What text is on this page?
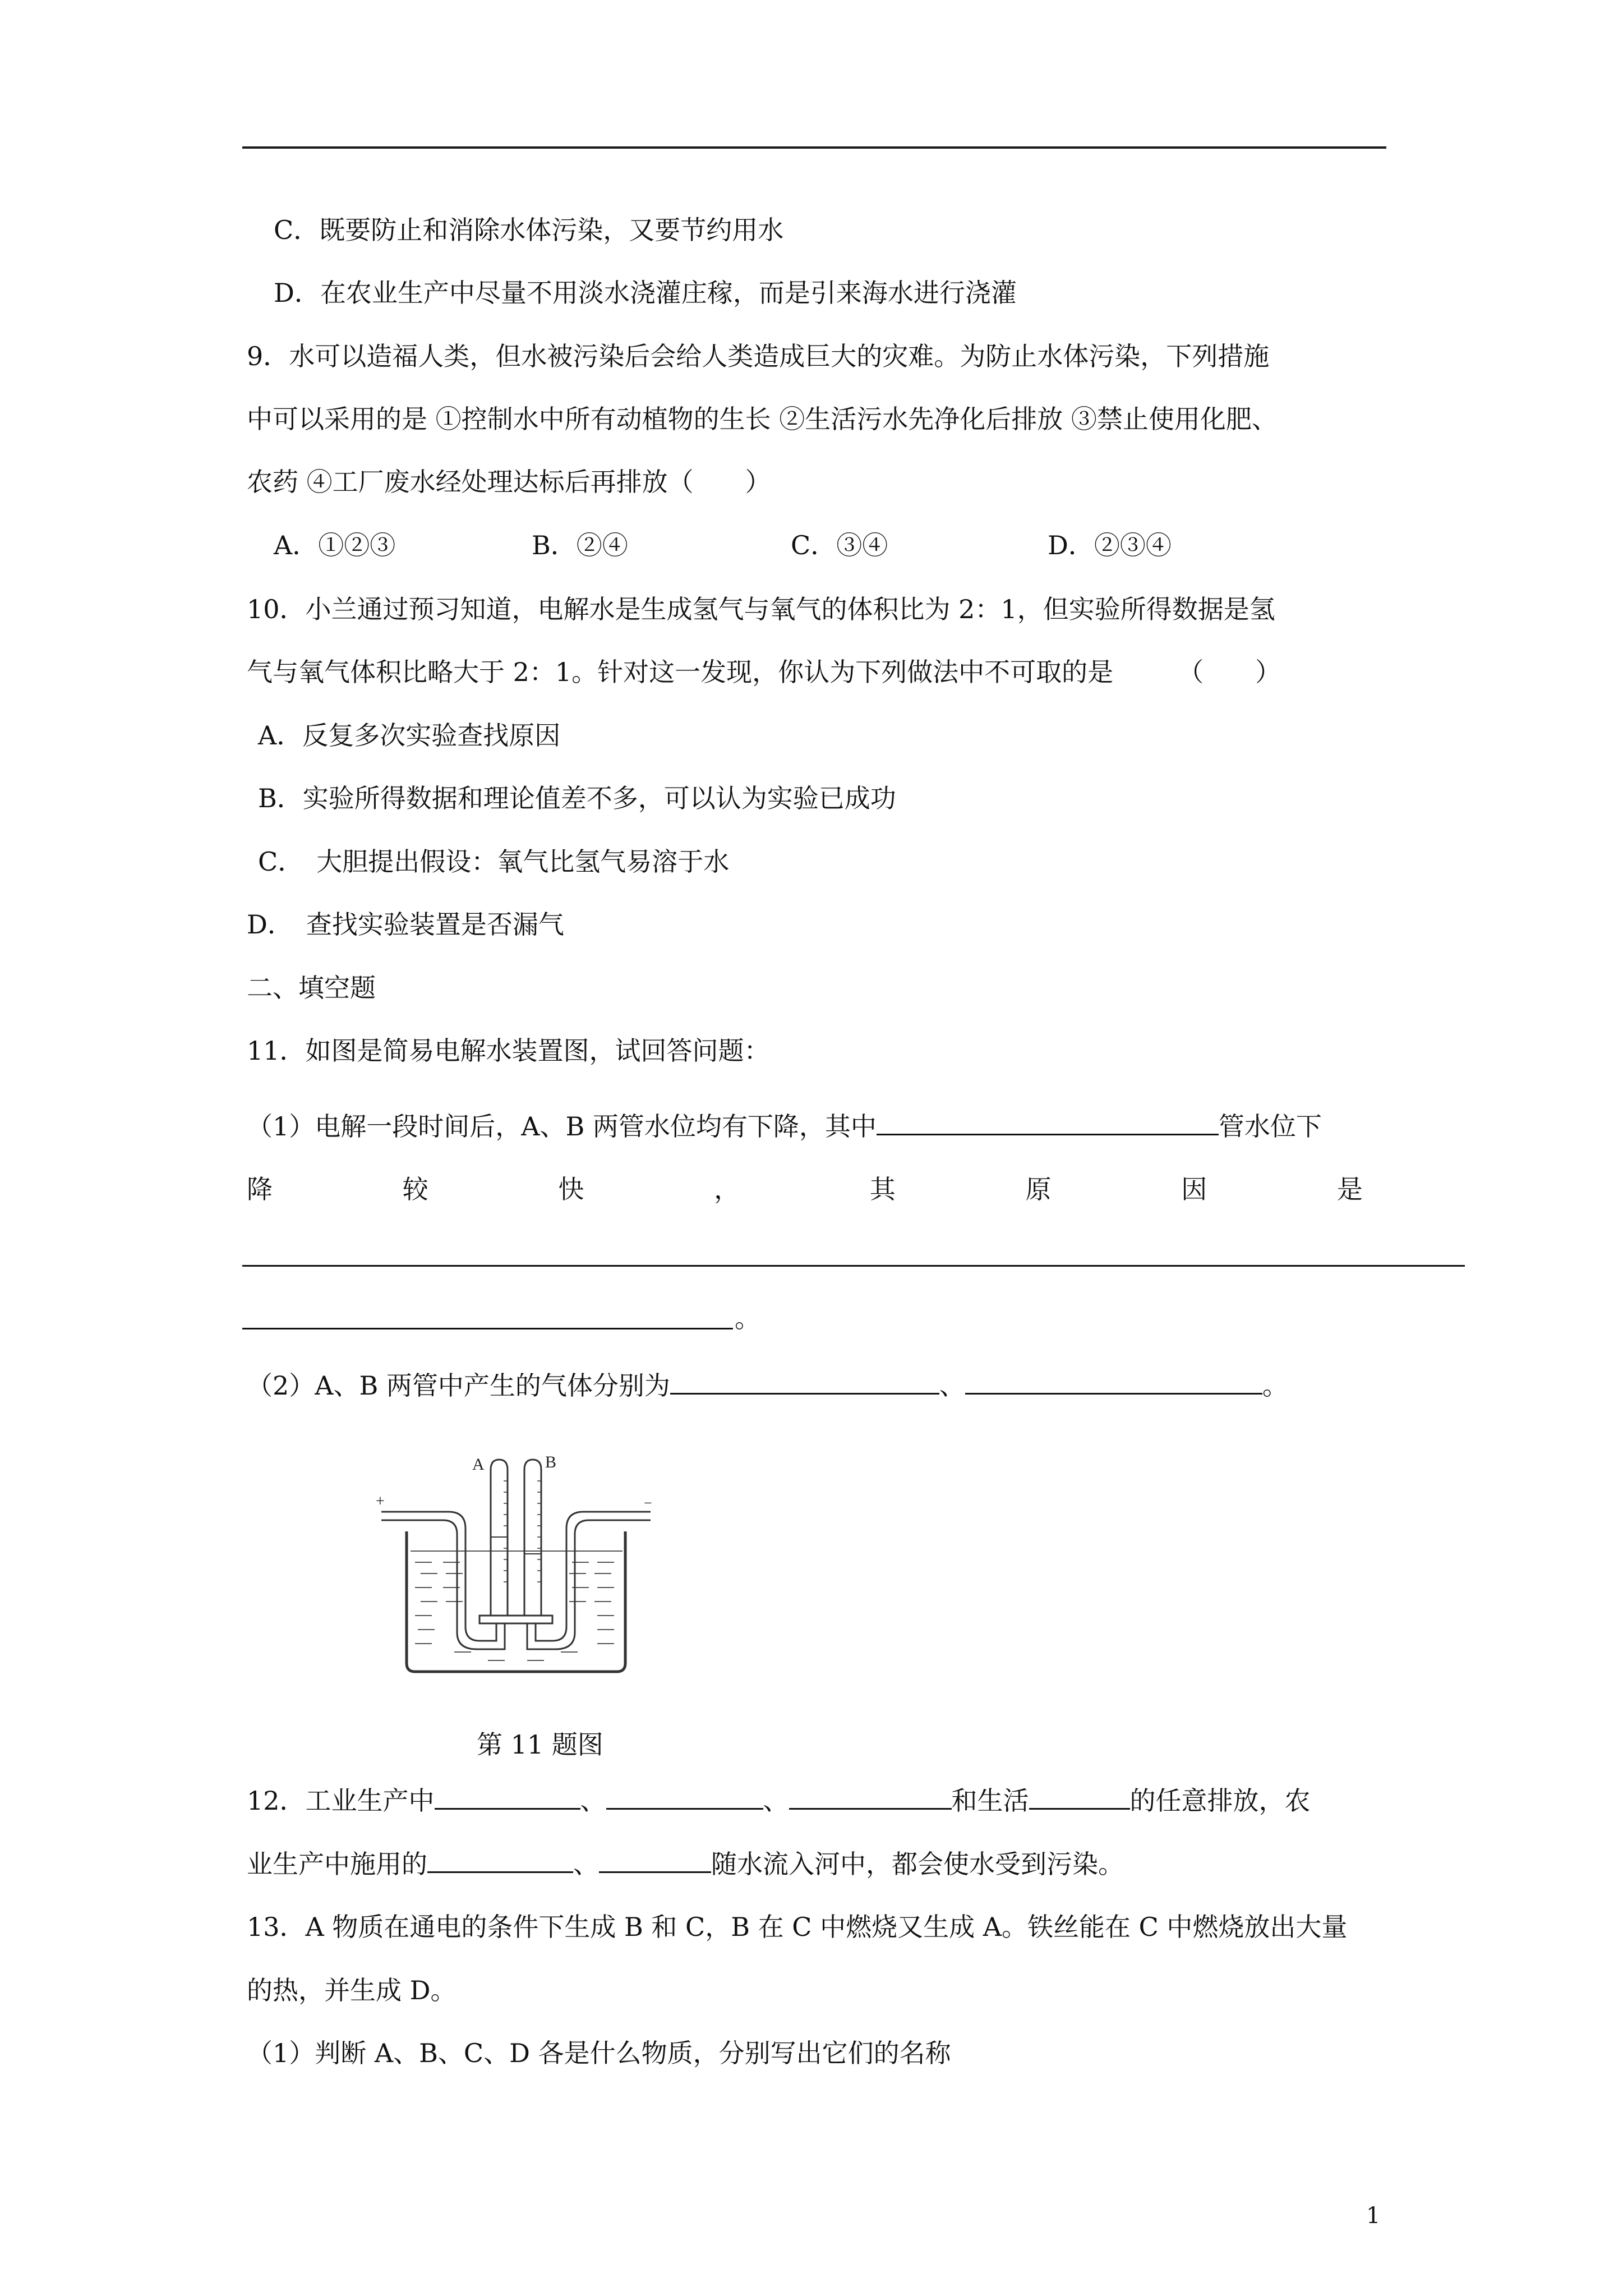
C．既要防止和消除水体污染，又要节约用水
D．在农业生产中尽量不用淡水浇灌庄稼，而是引来海水进行浇灌
9．水可以造福人类，但水被污染后会给人类造成巨大的灾难。为防止水体污染，下列措施
中可以采用的是 ①控制水中所有动植物的生长 ②生活污水先净化后排放 ③禁止使用化肥、
农药 ④工厂废水经处理达标后再排放（　　）
A．①②③	B．②④	C．③④	D．②③④
10．小兰通过预习知道，电解水是生成氢气与氧气的体积比为 2：1，但实验所得数据是氢
气与氧气体积比略大于 2：1。针对这一发现，你认为下列做法中不可取的是　　　（　　）
A．反复多次实验查找原因
B．实验所得数据和理论值差不多，可以认为实验已成功
C．　大胆提出假设：氧气比氢气易溶于水
D．　查找实验装置是否漏气
二、填空题
11．如图是简易电解水装置图，试回答问题：
（1）电解一段时间后，A、B 两管水位均有下降，其中	管水位下
降	较	快	，	其	原	因	是
。
（2）A、B 两管中产生的气体分别为	、	。
A	B
+	−
第 11 题图
12．工业生产中	、	、	和生活	的任意排放，农
业生产中施用的	、	随水流入河中，都会使水受到污染。
13．A 物质在通电的条件下生成 B 和 C，B 在 C 中燃烧又生成 A。铁丝能在 C 中燃烧放出大量
的热，并生成 D。
（1）判断 A、B、C、D 各是什么物质，分别写出它们的名称
1
